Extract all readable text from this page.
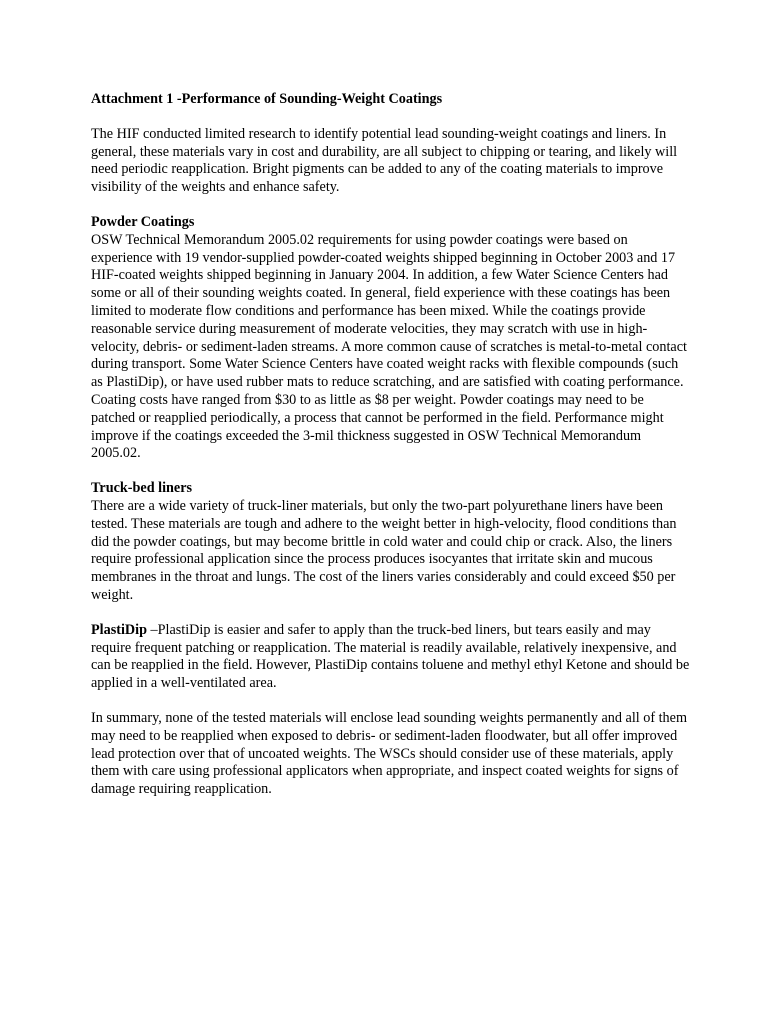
Attachment 1 -Performance of Sounding-Weight Coatings

The HIF conducted limited research to identify potential lead sounding-weight coatings and liners. In general, these materials vary in cost and durability, are all subject to chipping or tearing, and likely will need periodic reapplication. Bright pigments can be added to any of the coating materials to improve visibility of the weights and enhance safety.

Powder Coatings
OSW Technical Memorandum 2005.02 requirements for using powder coatings were based on experience with 19 vendor-supplied powder-coated weights shipped beginning in October 2003 and 17 HIF-coated weights shipped beginning in January 2004. In addition, a few Water Science Centers had some or all of their sounding weights coated. In general, field experience with these coatings has been limited to moderate flow conditions and performance has been mixed. While the coatings provide reasonable service during measurement of moderate velocities, they may scratch with use in high-velocity, debris- or sediment-laden streams. A more common cause of scratches is metal-to-metal contact during transport. Some Water Science Centers have coated weight racks with flexible compounds (such as PlastiDip), or have used rubber mats to reduce scratching, and are satisfied with coating performance. Coating costs have ranged from $30 to as little as $8 per weight. Powder coatings may need to be patched or reapplied periodically, a process that cannot be performed in the field. Performance might improve if the coatings exceeded the 3-mil thickness suggested in OSW Technical Memorandum 2005.02.
Truck-bed liners
There are a wide variety of truck-liner materials, but only the two-part polyurethane liners have been tested. These materials are tough and adhere to the weight better in high-velocity, flood conditions than did the powder coatings, but may become brittle in cold water and could chip or crack. Also, the liners require professional application since the process produces isocyantes that irritate skin and mucous membranes in the throat and lungs. The cost of the liners varies considerably and could exceed $50 per weight.

PlastiDip –PlastiDip is easier and safer to apply than the truck-bed liners, but tears easily and may require frequent patching or reapplication. The material is readily available, relatively inexpensive, and can be reapplied in the field. However, PlastiDip contains toluene and methyl ethyl Ketone and should be applied in a well-ventilated area.

In summary, none of the tested materials will enclose lead sounding weights permanently and all of them may need to be reapplied when exposed to debris- or sediment-laden floodwater, but all offer improved lead protection over that of uncoated weights. The WSCs should consider use of these materials, apply them with care using professional applicators when appropriate, and inspect coated weights for signs of damage requiring reapplication.
